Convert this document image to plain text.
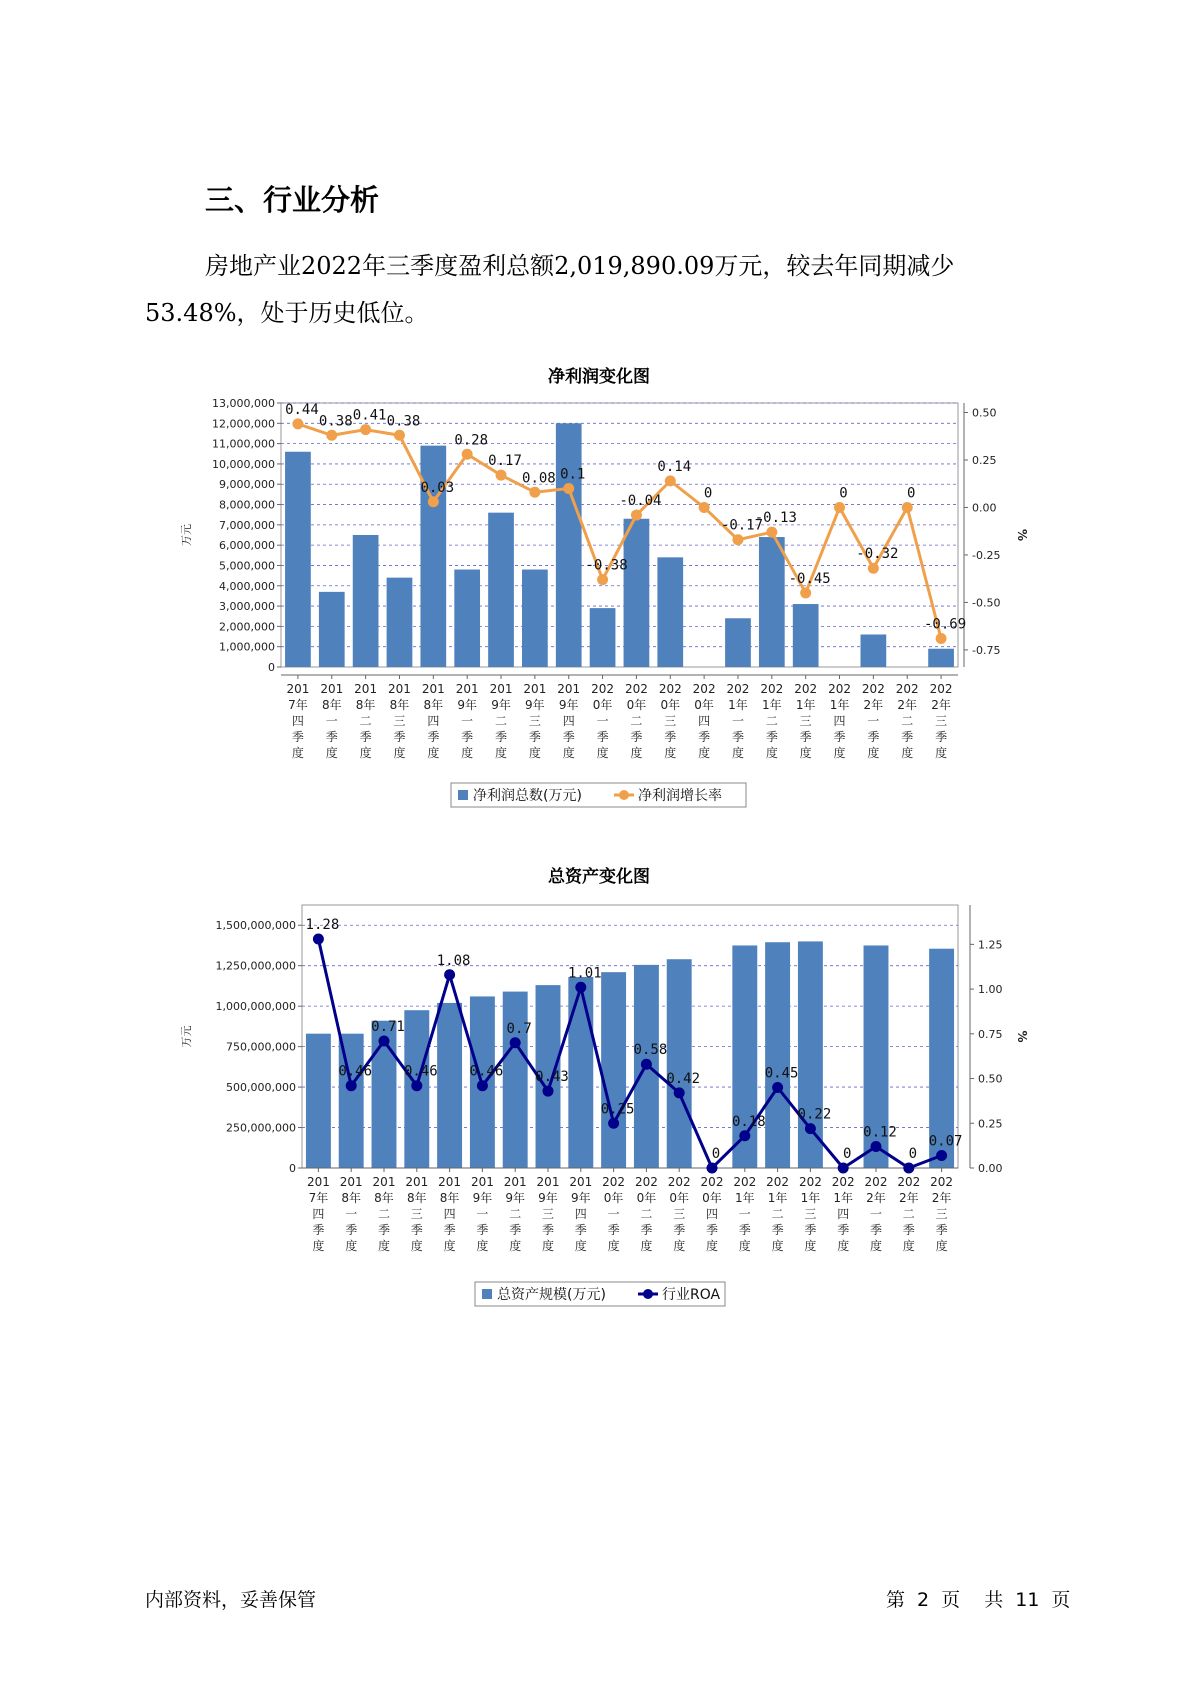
三、行业分析

房地产业2022年三季度盈利总额2,019,890.09万元，较去年同期减少53.48%，处于历史低位。

净利润变化图
0
1,000,000
2,000,000
3,000,000
4,000,000
5,000,000
6,000,000
7,000,000
8,000,000
9,000,000
10,000,000
11,000,000
12,000,000
13,000,000
万元
0.50
0.25
0.00
-0.25
-0.50
-0.75
%
201
7年
四
季
度
201
8年
一
季
度
201
8年
二
季
度
201
8年
三
季
度
201
8年
四
季
度
201
9年
一
季
度
201
9年
二
季
度
201
9年
三
季
度
201
9年
四
季
度
202
0年
一
季
度
202
0年
二
季
度
202
0年
三
季
度
202
0年
四
季
度
202
1年
一
季
度
202
1年
二
季
度
202
1年
三
季
度
202
1年
四
季
度
202
2年
一
季
度
202
2年
二
季
度
202
2年
三
季
度
0.44
0.38 0.41 0.38
0.03
0.28
0.17
0.08 0.1
-0.38
-0.04
0.14
0
-0.17
-0.13
-0.45
0
-0.32
0
-0.69
净利润总数(万元)	净利润增长率
总资产变化图
0
250,000,000
500,000,000
750,000,000
1,000,000,000
1,250,000,000
1,500,000,000
万元
0.00
0.25
0.50
0.75
1.00
1.25
%
201
7年
四
季
度
201
8年
一
季
度
201
8年
二
季
度
201
8年
三
季
度
201
8年
四
季
度
201
9年
一
季
度
201
9年
二
季
度
201
9年
三
季
度
201
9年
四
季
度
202
0年
一
季
度
202
0年
二
季
度
202
0年
三
季
度
202
0年
四
季
度
202
1年
一
季
度
202
1年
二
季
度
202
1年
三
季
度
202
1年
四
季
度
202
2年
一
季
度
202
2年
二
季
度
202
2年
三
季
度
1.28
0.46
0.71
0.46
1.08
0.46
0.7
0.43
1.01
0.25
0.58
0.42
0
0.18
0.45
0.22
0
0.12
0
0.07
总资产规模(万元)	行业ROA
内部资料，妥善保管	第 2 页 共 11 页
